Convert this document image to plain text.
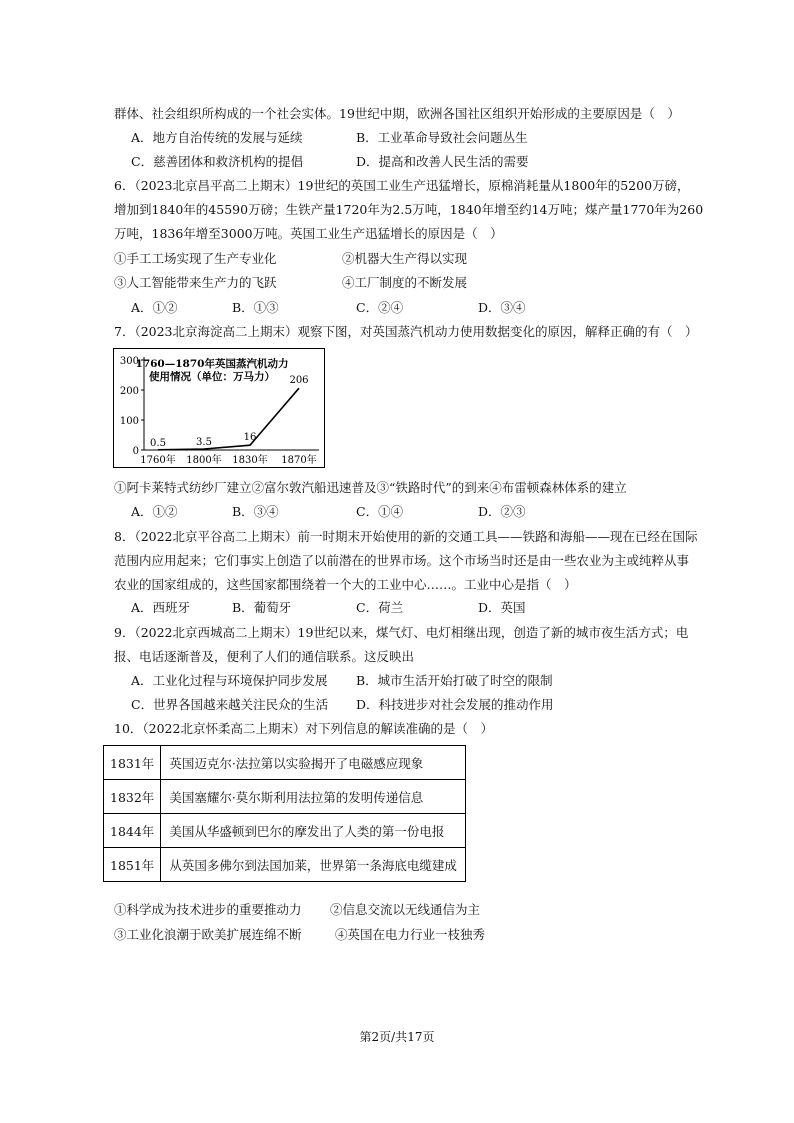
群体、社会组织所构成的一个社会实体。19世纪中期，欧洲各国社区组织开始形成的主要原因是（　）
A．地方自治传统的发展与延续	B．工业革命导致社会问题丛生
C．慈善团体和救济机构的提倡	D．提高和改善人民生活的需要
6．（2023北京昌平高二上期末）19世纪的英国工业生产迅猛增长，原棉消耗量从1800年的5200万磅，
增加到1840年的45590万磅；生铁产量1720年为2.5万吨，1840年增至约14万吨；煤产量1770年为260
万吨，1836年增至3000万吨。英国工业生产迅猛增长的原因是（　）
①手工工场实现了生产专业化	②机器大生产得以实现
③人工智能带来生产力的飞跃	④工厂制度的不断发展
A．①②	B．①③	C．②④	D．③④
7．（2023北京海淀高二上期末）观察下图，对英国蒸汽机动力使用数据变化的原因，解释正确的有（　）
1760—1870年英国蒸汽机动力
使用情况（单位：万马力）
300
200
100
0
1760年 1800年 1830年 1870年
0.5	3.5	16
206
①阿卡莱特式纺纱厂建立②富尔敦汽船迅速普及③“铁路时代”的到来④布雷顿森林体系的建立
A．①②	B．③④	C．①④	D．②③
8．（2022北京平谷高二上期末）前一时期末开始使用的新的交通工具——铁路和海船——现在已经在国际
范围内应用起来；它们事实上创造了以前潜在的世界市场。这个市场当时还是由一些农业为主或纯粹从事
农业的国家组成的，这些国家都围绕着一个大的工业中心……。工业中心是指（　）
A．西班牙	B．葡萄牙	C．荷兰	D．英国
9．（2022北京西城高二上期末）19世纪以来，煤气灯、电灯相继出现，创造了新的城市夜生活方式；电
报、电话逐渐普及，便利了人们的通信联系。这反映出
A．工业化过程与环境保护同步发展 B．城市生活开始打破了时空的限制
C．世界各国越来越关注民众的生活 D．科技进步对社会发展的推动作用
10．（2022北京怀柔高二上期末）对下列信息的解读准确的是（　）
1831年	英国迈克尔·法拉第以实验揭开了电磁感应现象
1832年	美国塞耀尔·莫尔斯利用法拉第的发明传递信息
1844年	美国从华盛顿到巴尔的摩发出了人类的第一份电报
1851年	从英国多佛尔到法国加莱，世界第一条海底电缆建成
①科学成为技术进步的重要推动力 ②信息交流以无线通信为主
③工业化浪潮于欧美扩展连绵不断	④英国在电力行业一枝独秀
第2页/共17页
